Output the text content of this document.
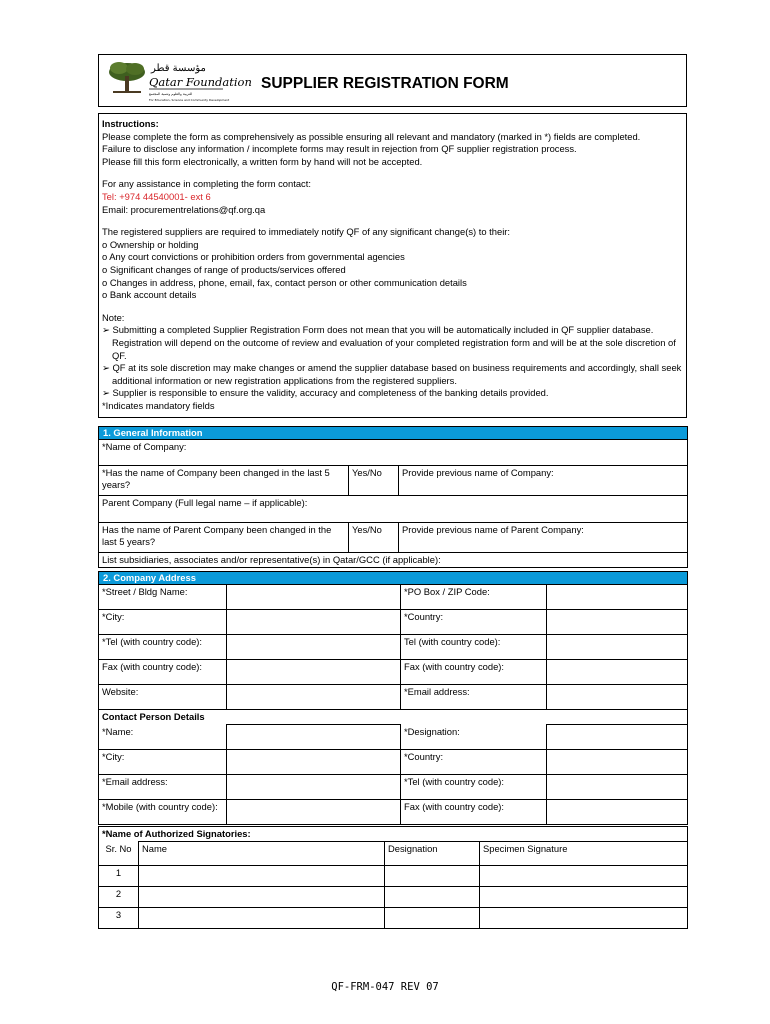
مؤسسة قطر
Qatar Foundation
للتربية والعلوم وتنمية المجتمع
For Education, Science and Community Development
SUPPLIER REGISTRATION FORM

Instructions:

Please complete the form as comprehensively as possible ensuring all relevant and mandatory (marked in *) fields are completed.

Failure to disclose any information / incomplete forms may result in rejection from QF supplier registration process.

Please fill this form electronically, a written form by hand will not be accepted.

For any assistance in completing the form contact:

Tel: +974 44540001- ext 6

Email: procurementrelations@qf.org.qa

The registered suppliers are required to immediately notify QF of any significant change(s) to their:

o Ownership or holding

o Any court convictions or prohibition orders from governmental agencies

o Significant changes of range of products/services offered

o Changes in address, phone, email, fax, contact person or other communication details

o Bank account details

Note:

➢ Submitting a completed Supplier Registration Form does not mean that you will be automatically included in QF supplier database. Registration will depend on the outcome of review and evaluation of your completed registration form and will be at the sole discretion of QF.

➢ QF at its sole discretion may make changes or amend the supplier database based on business requirements and accordingly, shall seek additional information or new registration applications from the registered suppliers.

➢ Supplier is responsible to ensure the validity, accuracy and completeness of the banking details provided.

*Indicates mandatory fields

1. General Information		
*Name of Company:		
*Has the name of Company been changed in the last 5 years?	Yes/No	Provide previous name of Company:
Parent Company (Full legal name – if applicable):		
Has the name of Parent Company been changed in the last 5 years?	Yes/No	Provide previous name of Parent Company:
List subsidiaries, associates and/or representative(s) in Qatar/GCC (if applicable):		
2. Company Address			
*Street / Bldg Name:		*PO Box / ZIP Code:	
*City:		*Country:	
*Tel (with country code):		Tel (with country code):	
Fax (with country code):		Fax (with country code):	
Website:		*Email address:	
Contact Person Details			
*Name:		*Designation:	
*City:		*Country:	
*Email address:		*Tel (with country code):	
*Mobile (with country code):		Fax (with country code):	
*Name of Authorized Signatories:			
Sr. No	Name	Designation	Specimen Signature
1			
2			
3			
QF-FRM-047 REV 07
